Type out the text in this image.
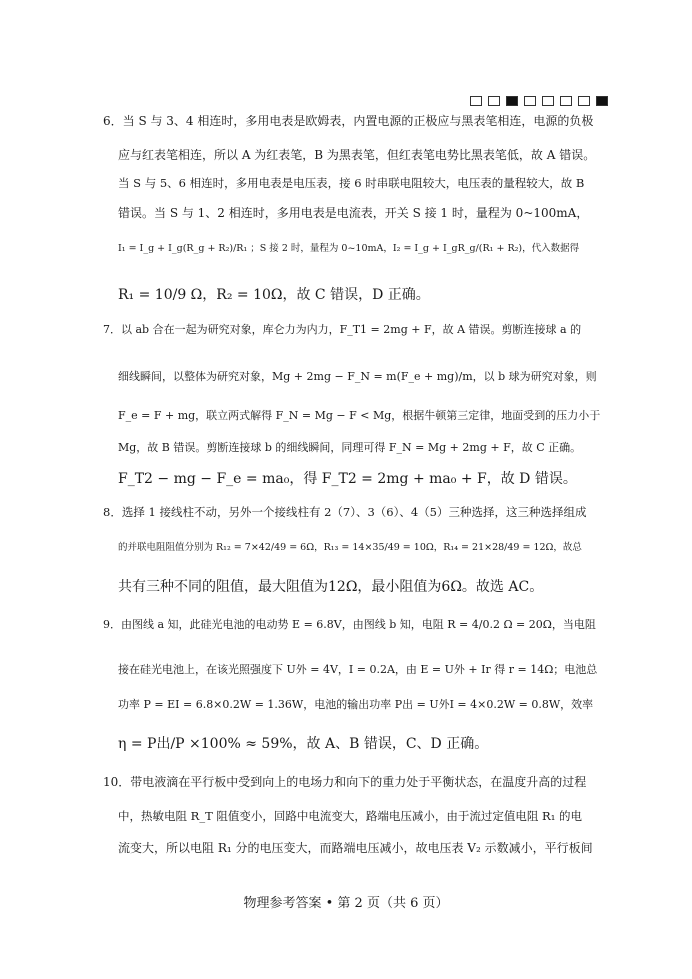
6．当 S 与 3、4 相连时，多用电表是欧姆表，内置电源的正极应与黑表笔相连，电源的负极
应与红表笔相连，所以 A 为红表笔，B 为黑表笔，但红表笔电势比黑表笔低，故 A 错误。
当 S 与 5、6 相连时，多用电表是电压表，接 6 时串联电阻较大，电压表的量程较大，故 B
错误。当 S 与 1、2 相连时，多用电表是电流表，开关 S 接 1 时，量程为 0~100mA，
I₁ = I_g + I_g(R_g + R₂)/R₁ ；S 接 2 时，量程为 0~10mA，I₂ = I_g + I_gR_g/(R₁ + R₂)，代入数据得
R₁ = 10/9 Ω，R₂ = 10Ω，故 C 错误，D 正确。
7．以 ab 合在一起为研究对象，库仑力为内力，F_T1 = 2mg + F，故 A 错误。剪断连接球 a 的
细线瞬间，以整体为研究对象，Mg + 2mg − F_N = m(F_e + mg)/m，以 b 球为研究对象，则
F_e = F + mg，联立两式解得 F_N = Mg − F < Mg，根据牛顿第三定律，地面受到的压力小于
Mg，故 B 错误。剪断连接球 b 的细线瞬间，同理可得 F_N = Mg + 2mg + F，故 C 正确。
F_T2 − mg − F_e = ma₀，得 F_T2 = 2mg + ma₀ + F，故 D 错误。
8．选择 1 接线柱不动，另外一个接线柱有 2（7）、3（6）、4（5）三种选择，这三种选择组成
的并联电阻阻值分别为 R₁₂ = 7×42/49 = 6Ω，R₁₃ = 14×35/49 = 10Ω，R₁₄ = 21×28/49 = 12Ω，故总
共有三种不同的阻值，最大阻值为12Ω，最小阻值为6Ω。故选 AC。
9．由图线 a 知，此硅光电池的电动势 E = 6.8V，由图线 b 知，电阻 R = 4/0.2 Ω = 20Ω，当电阻
接在硅光电池上，在该光照强度下 U外 = 4V，I = 0.2A，由 E = U外 + Ir 得 r = 14Ω；电池总
功率 P = EI = 6.8×0.2W = 1.36W，电池的输出功率 P出 = U外I = 4×0.2W = 0.8W，效率
η = P出/P ×100% ≈ 59%，故 A、B 错误，C、D 正确。
10．带电液滴在平行板中受到向上的电场力和向下的重力处于平衡状态，在温度升高的过程
中，热敏电阻 R_T 阻值变小，回路中电流变大，路端电压减小，由于流过定值电阻 R₁ 的电
流变大，所以电阻 R₁ 分的电压变大，而路端电压减小，故电压表 V₂ 示数减小，平行板间
物理参考答案 • 第 2 页（共 6 页）
